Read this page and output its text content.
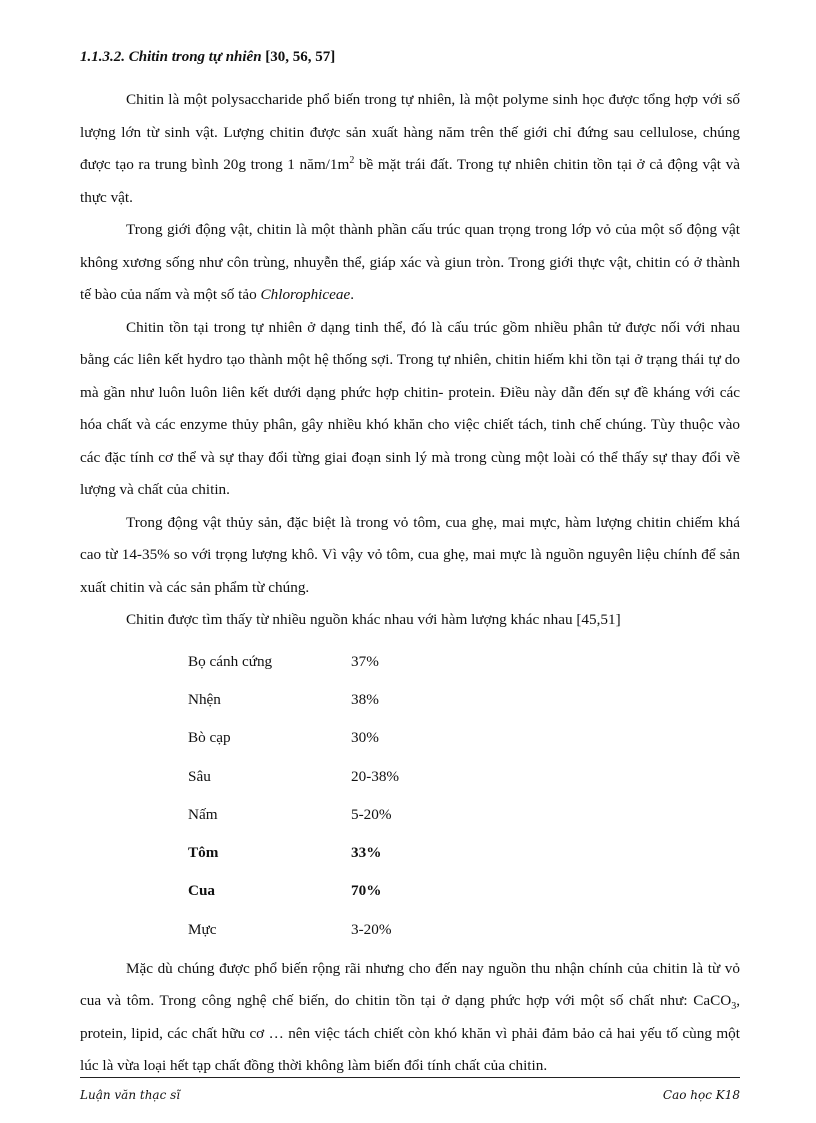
1.1.3.2. Chitin trong tự nhiên [30, 56, 57]

Chitin là một polysaccharide phổ biến trong tự nhiên, là một polyme sinh học được tổng hợp với số lượng lớn từ sinh vật. Lượng chitin được sản xuất hàng năm trên thế giới chỉ đứng sau cellulose, chúng được tạo ra trung bình 20g trong 1 năm/$1m^2$ bề mặt trái đất. Trong tự nhiên chitin tồn tại ở cả động vật và thực vật.

Trong giới động vật, chitin là một thành phần cấu trúc quan trọng trong lớp vỏ của một số động vật không xương sống như côn trùng, nhuyễn thể, giáp xác và giun tròn. Trong giới thực vật, chitin có ở thành tế bào của nấm và một số tảo Chlorophiceae.

Chitin tồn tại trong tự nhiên ở dạng tinh thể, đó là cấu trúc gồm nhiều phân tử được nối với nhau bằng các liên kết hydro tạo thành một hệ thống sợi. Trong tự nhiên, chitin hiếm khi tồn tại ở trạng thái tự do mà gần như luôn luôn liên kết dưới dạng phức hợp chitin- protein. Điều này dẫn đến sự đề kháng với các hóa chất và các enzyme thủy phân, gây nhiều khó khăn cho việc chiết tách, tinh chế chúng. Tùy thuộc vào các đặc tính cơ thể và sự thay đổi từng giai đoạn sinh lý mà trong cùng một loài có thể thấy sự thay đổi về lượng và chất của chitin.

Trong động vật thủy sản, đặc biệt là trong vỏ tôm, cua ghẹ, mai mực, hàm lượng chitin chiếm khá cao từ 14-35% so với trọng lượng khô. Vì vậy vỏ tôm, cua ghẹ, mai mực là nguồn nguyên liệu chính để sản xuất chitin và các sản phẩm từ chúng.

Chitin được tìm thấy từ nhiều nguồn khác nhau với hàm lượng khác nhau [45,51]

Bọ cánh cứng	37%
Nhện	38%
Bò cạp	30%
Sâu	20-38%
Nấm	5-20%
Tôm	33%
Cua	70%
Mực	3-20%

Mặc dù chúng được phổ biến rộng rãi nhưng cho đến nay nguồn thu nhận chính của chitin là từ vỏ cua và tôm. Trong công nghệ chế biến, do chitin tồn tại ở dạng phức hợp với một số chất như: CaCO$_3$, protein, lipid, các chất hữu cơ … nên việc tách chiết còn khó khăn vì phải đảm bảo cả hai yếu tố cùng một lúc là vừa loại hết tạp chất đồng thời không làm biến đổi tính chất của chitin.

Luận văn thạc sĩ	Cao học K18
